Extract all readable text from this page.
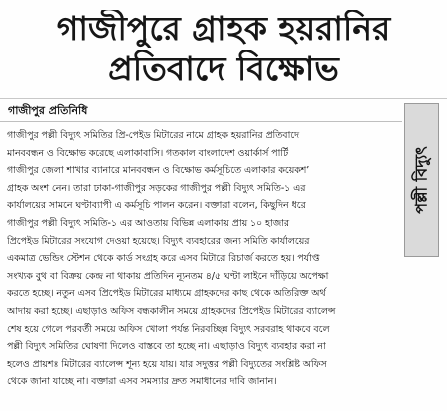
গাজীপুরে গ্রাহক হয়রানির
প্রতিবাদে বিক্ষোভ
গাজীপুর প্রতিনিধি
গাজীপুর পল্লী বিদ্যুৎ সমিতির প্রি-পেইড মিটারের নামে গ্রাহক হয়রানির প্রতিবাদে
মানববন্ধন ও বিক্ষোভ করেছে এলাকাবাসি। গতকাল বাংলাদেশ ওয়ার্কার্স পার্টি
গাজীপুর জেলা শাখার ব্যানারে মানববন্ধন ও বিক্ষোভ কর্মসূচিতে এলাকার কয়েকশ’
গ্রাহক অংশ নেন। তারা ঢাকা-গাজীপুর সড়কের গাজীপুর পল্লী বিদ্যুৎ সমিতি-১ এর
কার্যালয়ের সামনে ঘণ্টাব্যাপী এ কর্মসূচি পালন করেন। বক্তারা বলেন, কিছুদিন ধরে
গাজীপুর পল্লী বিদ্যুৎ সমিতি-১ এর আওতায় বিভিন্ন এলাকায় প্রায় ১০ হাজার
প্রিপেইড মিটারের সংযোগ দেওয়া হয়েছে। বিদ্যুৎ ব্যবহারের জন্য সমিতি কার্যালয়ের
একমাত্র ভেন্ডিং স্টেশন থেকে কার্ড সংগ্রহ করে এসব মিটারে রিচার্জ করতে হয়। পর্যাপ্ত
সংখ্যক বুথ বা বিক্রয় কেন্দ্র না থাকায় প্রতিদিন ন্যূনতম ৪/৫ ঘণ্টা লাইনে দাঁড়িয়ে অপেক্ষা
করতে হচ্ছে। নতুন এসব প্রিপেইড মিটারের মাধ্যমে গ্রাহকদের কাছ থেকে অতিরিক্ত অর্থ
আদায় করা হচ্ছে। এছাড়াও অফিস বন্ধকালীন সময়ে গ্রাহকদের প্রিপেইড মিটারের ব্যালেন্স
শেষ হয়ে গেলে পরবর্তী সময়ে অফিস খোলা পর্যন্ত নিরবচ্ছিন্ন বিদ্যুৎ সরবরাহ থাকবে বলে
পল্লী বিদ্যুৎ সমিতির ঘোষণা দিলেও বাস্তবে তা হচ্ছে না। এছাড়াও বিদ্যুৎ ব্যবহার করা না
হলেও প্রায়শঃ মিটারের ব্যালেন্স শূন্য হয়ে যায়। যার সদুত্তর পল্লী বিদ্যুতের সংশ্লিষ্ট অফিস
থেকে জানা যাচ্ছে না। বক্তারা এসব সমস্যার দ্রুত সমাধানের দাবি জানান।
পল্লী বিদ্যুৎ
